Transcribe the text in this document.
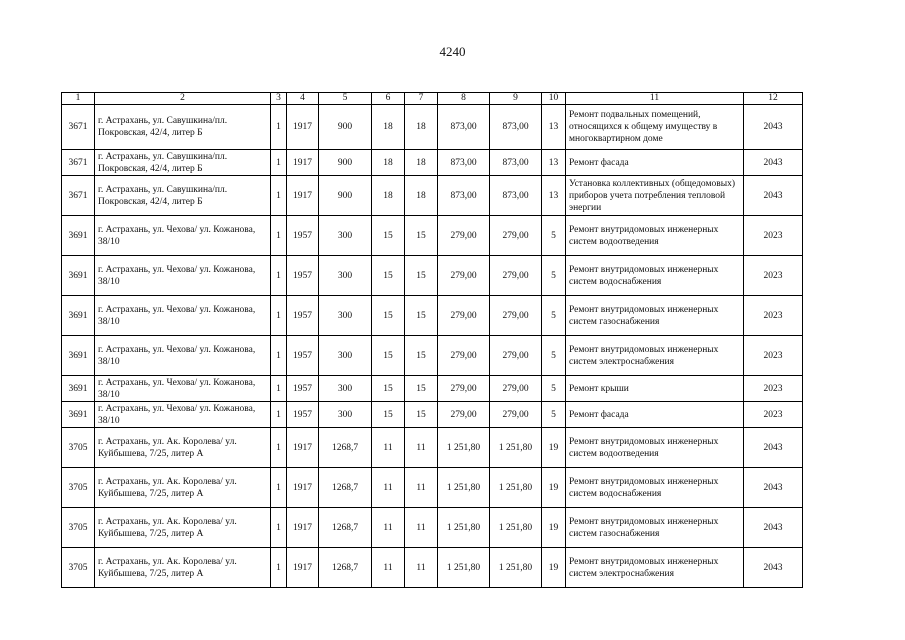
4240
1	2	3	4	5	6	7	8	9	10	11	12
3671	г. Астрахань, ул. Савушкина/пл. Покровская, 42/4, литер Б	1	1917	900	18	18	873,00	873,00	13	Ремонт подвальных помещений, относящихся к общему имуществу в многоквартирном доме	2043
3671	г. Астрахань, ул. Савушкина/пл. Покровская, 42/4, литер Б	1	1917	900	18	18	873,00	873,00	13	Ремонт фасада	2043
3671	г. Астрахань, ул. Савушкина/пл. Покровская, 42/4, литер Б	1	1917	900	18	18	873,00	873,00	13	Установка коллективных (общедомовых) приборов учета потребления тепловой энергии	2043
3691	г. Астрахань, ул. Чехова/ ул. Кожанова, 38/10	1	1957	300	15	15	279,00	279,00	5	Ремонт внутридомовых инженерных систем водоотведения	2023
3691	г. Астрахань, ул. Чехова/ ул. Кожанова, 38/10	1	1957	300	15	15	279,00	279,00	5	Ремонт внутридомовых инженерных систем водоснабжения	2023
3691	г. Астрахань, ул. Чехова/ ул. Кожанова, 38/10	1	1957	300	15	15	279,00	279,00	5	Ремонт внутридомовых инженерных систем газоснабжения	2023
3691	г. Астрахань, ул. Чехова/ ул. Кожанова, 38/10	1	1957	300	15	15	279,00	279,00	5	Ремонт внутридомовых инженерных систем электроснабжения	2023
3691	г. Астрахань, ул. Чехова/ ул. Кожанова, 38/10	1	1957	300	15	15	279,00	279,00	5	Ремонт крыши	2023
3691	г. Астрахань, ул. Чехова/ ул. Кожанова, 38/10	1	1957	300	15	15	279,00	279,00	5	Ремонт фасада	2023
3705	г. Астрахань, ул. Ак. Королева/ ул. Куйбышева, 7/25, литер А	1	1917	1268,7	11	11	1 251,80	1 251,80	19	Ремонт внутридомовых инженерных систем водоотведения	2043
3705	г. Астрахань, ул. Ак. Королева/ ул. Куйбышева, 7/25, литер А	1	1917	1268,7	11	11	1 251,80	1 251,80	19	Ремонт внутридомовых инженерных систем водоснабжения	2043
3705	г. Астрахань, ул. Ак. Королева/ ул. Куйбышева, 7/25, литер А	1	1917	1268,7	11	11	1 251,80	1 251,80	19	Ремонт внутридомовых инженерных систем газоснабжения	2043
3705	г. Астрахань, ул. Ак. Королева/ ул. Куйбышева, 7/25, литер А	1	1917	1268,7	11	11	1 251,80	1 251,80	19	Ремонт внутридомовых инженерных систем электроснабжения	2043
